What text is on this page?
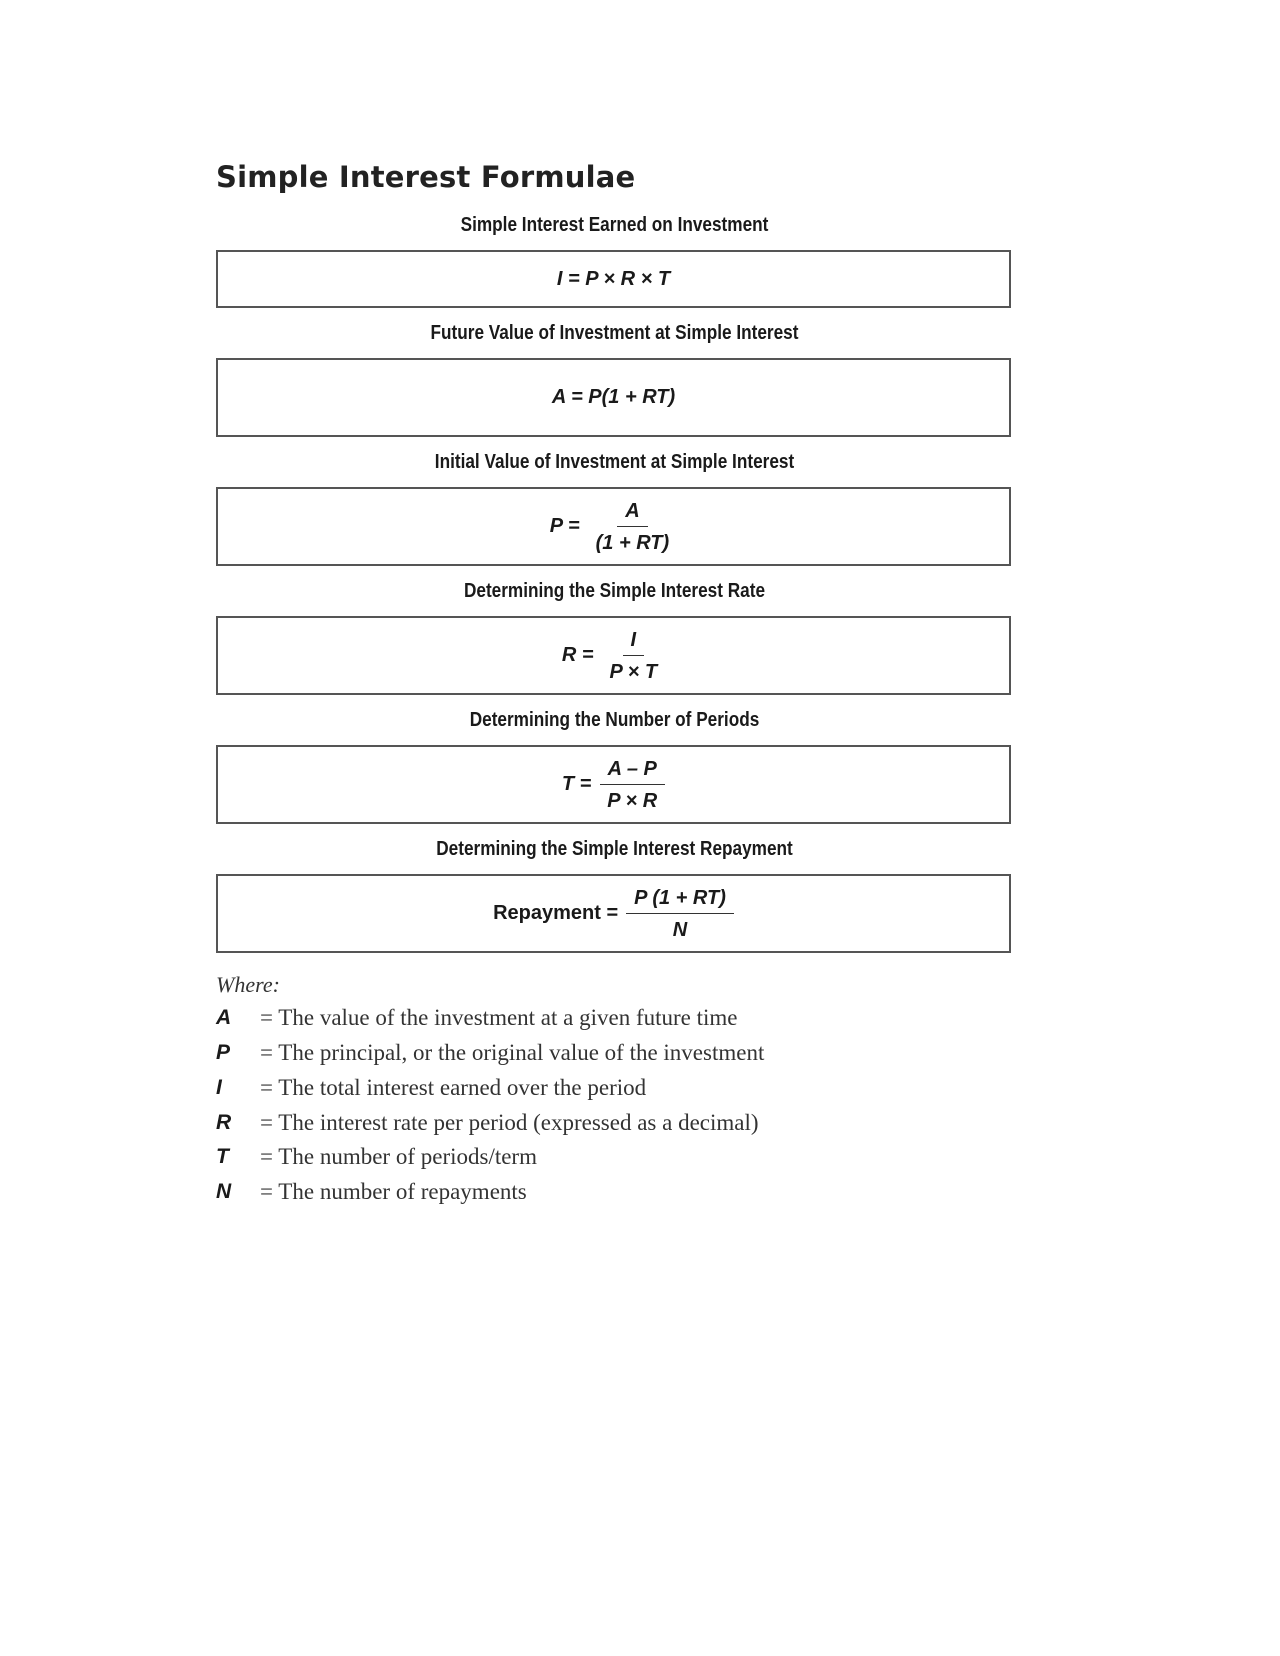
Simple Interest Formulae
Simple Interest Earned on Investment
I = P × R × T
Future Value of Investment at Simple Interest
A = P(1 + RT)
Initial Value of Investment at Simple Interest
$P = \frac{A}{(1 + RT)}$
Determining the Simple Interest Rate
$R = \frac{I}{P \times T}$
Determining the Number of Periods
$T = \frac{A - P}{P \times R}$
Determining the Simple Interest Repayment
Repayment = $\frac{P (1 + RT)}{N}$
Where:
A	= The value of the investment at a given future time
P	= The principal, or the original value of the investment
I	= The total interest earned over the period
R	= The interest rate per period (expressed as a decimal)
T	= The number of periods/term
N	= The number of repayments
